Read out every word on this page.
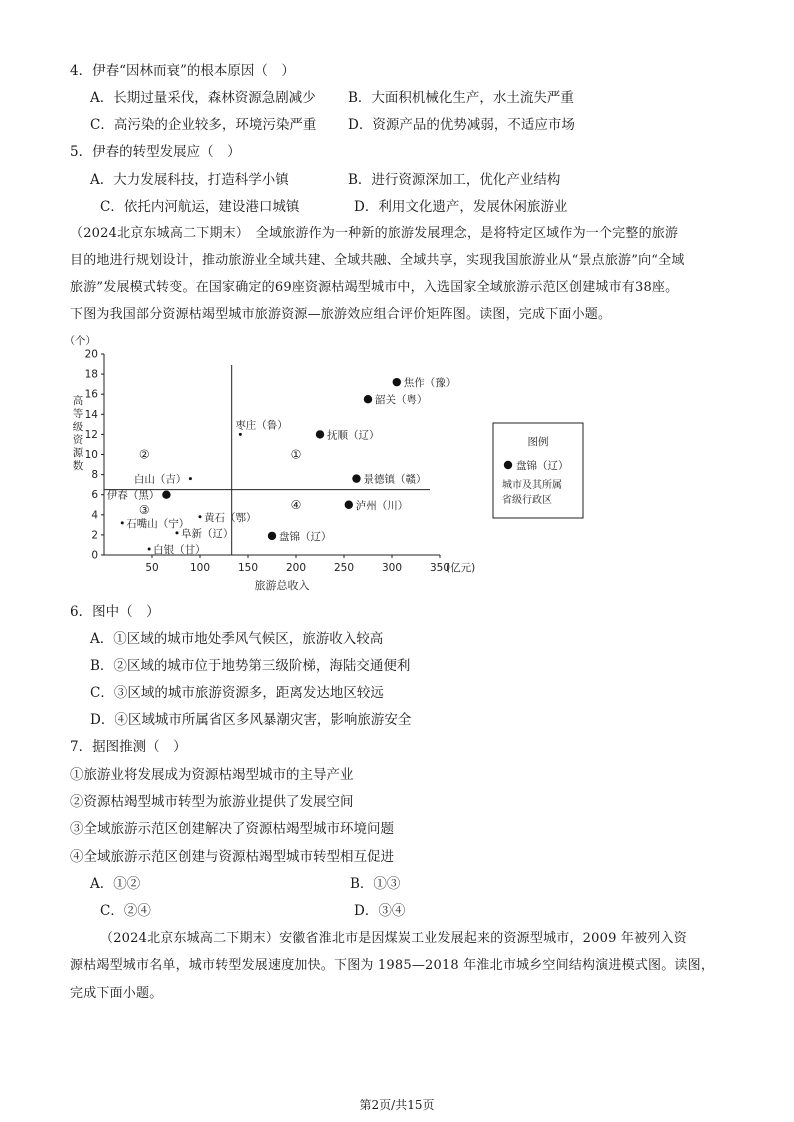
4．伊春“因林而衰”的根本原因（　）
A．长期过量采伐，森林资源急剧减少 B．大面积机械化生产，水土流失严重
C．高污染的企业较多，环境污染严重 D．资源产品的优势减弱，不适应市场
5．伊春的转型发展应（　）
A．大力发展科技，打造科学小镇	B．进行资源深加工，优化产业结构
C．依托内河航运，建设港口城镇	D．利用文化遗产，发展休闲旅游业
（2024北京东城高二下期末）　全域旅游作为一种新的旅游发展理念，是将特定区域作为一个完整的旅游
目的地进行规划设计，推动旅游业全域共建、全域共融、全域共享，实现我国旅游业从“景点旅游”向“全域
旅游”发展模式转变。在国家确定的69座资源枯竭型城市中，入选国家全域旅游示范区创建城市有38座。
下图为我国部分资源枯竭型城市旅游资源—旅游效应组合评价矩阵图。读图，完成下面小题。
0
2
4
6
8
10
12
14
16
18
20
50	100	150	200	250	300	350
(亿元)
旅游总收入
（个）
高等级资源数
①
②
③	④
焦作（豫）
韶关（粤）
枣庄（鲁）
抚顺（辽）
景德镇（赣）
白山（吉）
伊春（黑）
泸州（川）
黄石（鄂）
石嘴山（宁）
阜新（辽）	盘锦（辽）
白银（甘）
图例
盘锦（辽）
城市及其所属
省级行政区
6．图中（　）
A．①区域的城市地处季风气候区，旅游收入较高
B．②区域的城市位于地势第三级阶梯，海陆交通便利
C．③区域的城市旅游资源多，距离发达地区较远
D．④区域城市所属省区多风暴潮灾害，影响旅游安全
7．据图推测（　）
①旅游业将发展成为资源枯竭型城市的主导产业
②资源枯竭型城市转型为旅游业提供了发展空间
③全域旅游示范区创建解决了资源枯竭型城市环境问题
④全域旅游示范区创建与资源枯竭型城市转型相互促进
A．①②	B．①③
C．②④	D．③④
（2024北京东城高二下期末）安徽省淮北市是因煤炭工业发展起来的资源型城市，2009 年被列入资
源枯竭型城市名单，城市转型发展速度加快。下图为 1985—2018 年淮北市城乡空间结构演进模式图。读图，
完成下面小题。
第2页/共15页
